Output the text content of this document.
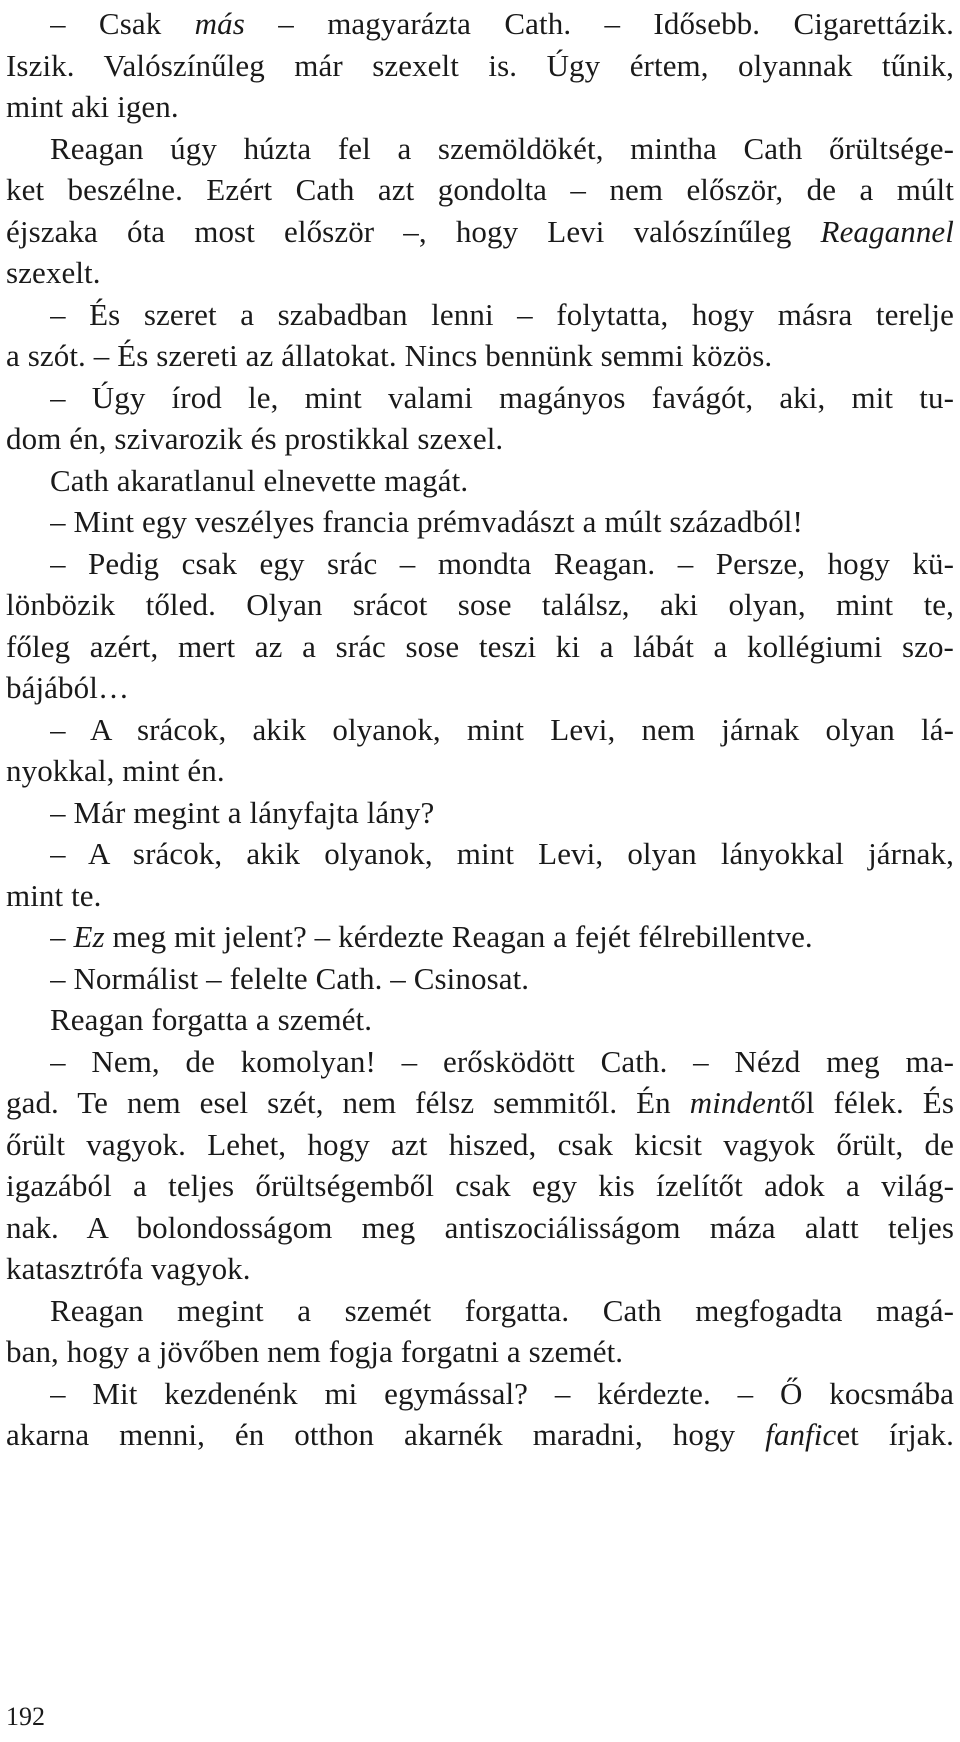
– Csak más – magyarázta Cath. – Idősebb. Cigarettázik.
Iszik. Valószínűleg már szexelt is. Úgy értem, olyannak tűnik,
mint aki igen.
Reagan úgy húzta fel a szemöldökét, mintha Cath őrültsége-
ket beszélne. Ezért Cath azt gondolta – nem először, de a múlt
éjszaka óta most először –, hogy Levi valószínűleg Reagannel
szexelt.
– És szeret a szabadban lenni – folytatta, hogy másra terelje
a szót. – És szereti az állatokat. Nincs bennünk semmi közös.
– Úgy írod le, mint valami magányos favágót, aki, mit tu-
dom én, szivarozik és prostikkal szexel.
Cath akaratlanul elnevette magát.
– Mint egy veszélyes francia prémvadászt a múlt századból!
– Pedig csak egy srác – mondta Reagan. – Persze, hogy kü-
lönbözik tőled. Olyan srácot sose találsz, aki olyan, mint te,
főleg azért, mert az a srác sose teszi ki a lábát a kollégiumi szo-
bájából…
– A srácok, akik olyanok, mint Levi, nem járnak olyan lá-
nyokkal, mint én.
– Már megint a lányfajta lány?
– A srácok, akik olyanok, mint Levi, olyan lányokkal járnak,
mint te.
– Ez meg mit jelent? – kérdezte Reagan a fejét félrebillentve.
– Normálist – felelte Cath. – Csinosat.
Reagan forgatta a szemét.
– Nem, de komolyan! – erősködött Cath. – Nézd meg ma-
gad. Te nem esel szét, nem félsz semmitől. Én mindentől félek. És
őrült vagyok. Lehet, hogy azt hiszed, csak kicsit vagyok őrült, de
igazából a teljes őrültségemből csak egy kis ízelítőt adok a világ-
nak. A bolondosságom meg antiszociálisságom máza alatt teljes
katasztrófa vagyok.
Reagan megint a szemét forgatta. Cath megfogadta magá-
ban, hogy a jövőben nem fogja forgatni a szemét.
– Mit kezdenénk mi egymással? – kérdezte. – Ő kocsmába
akarna menni, én otthon akarnék maradni, hogy fanficet írjak.
192
